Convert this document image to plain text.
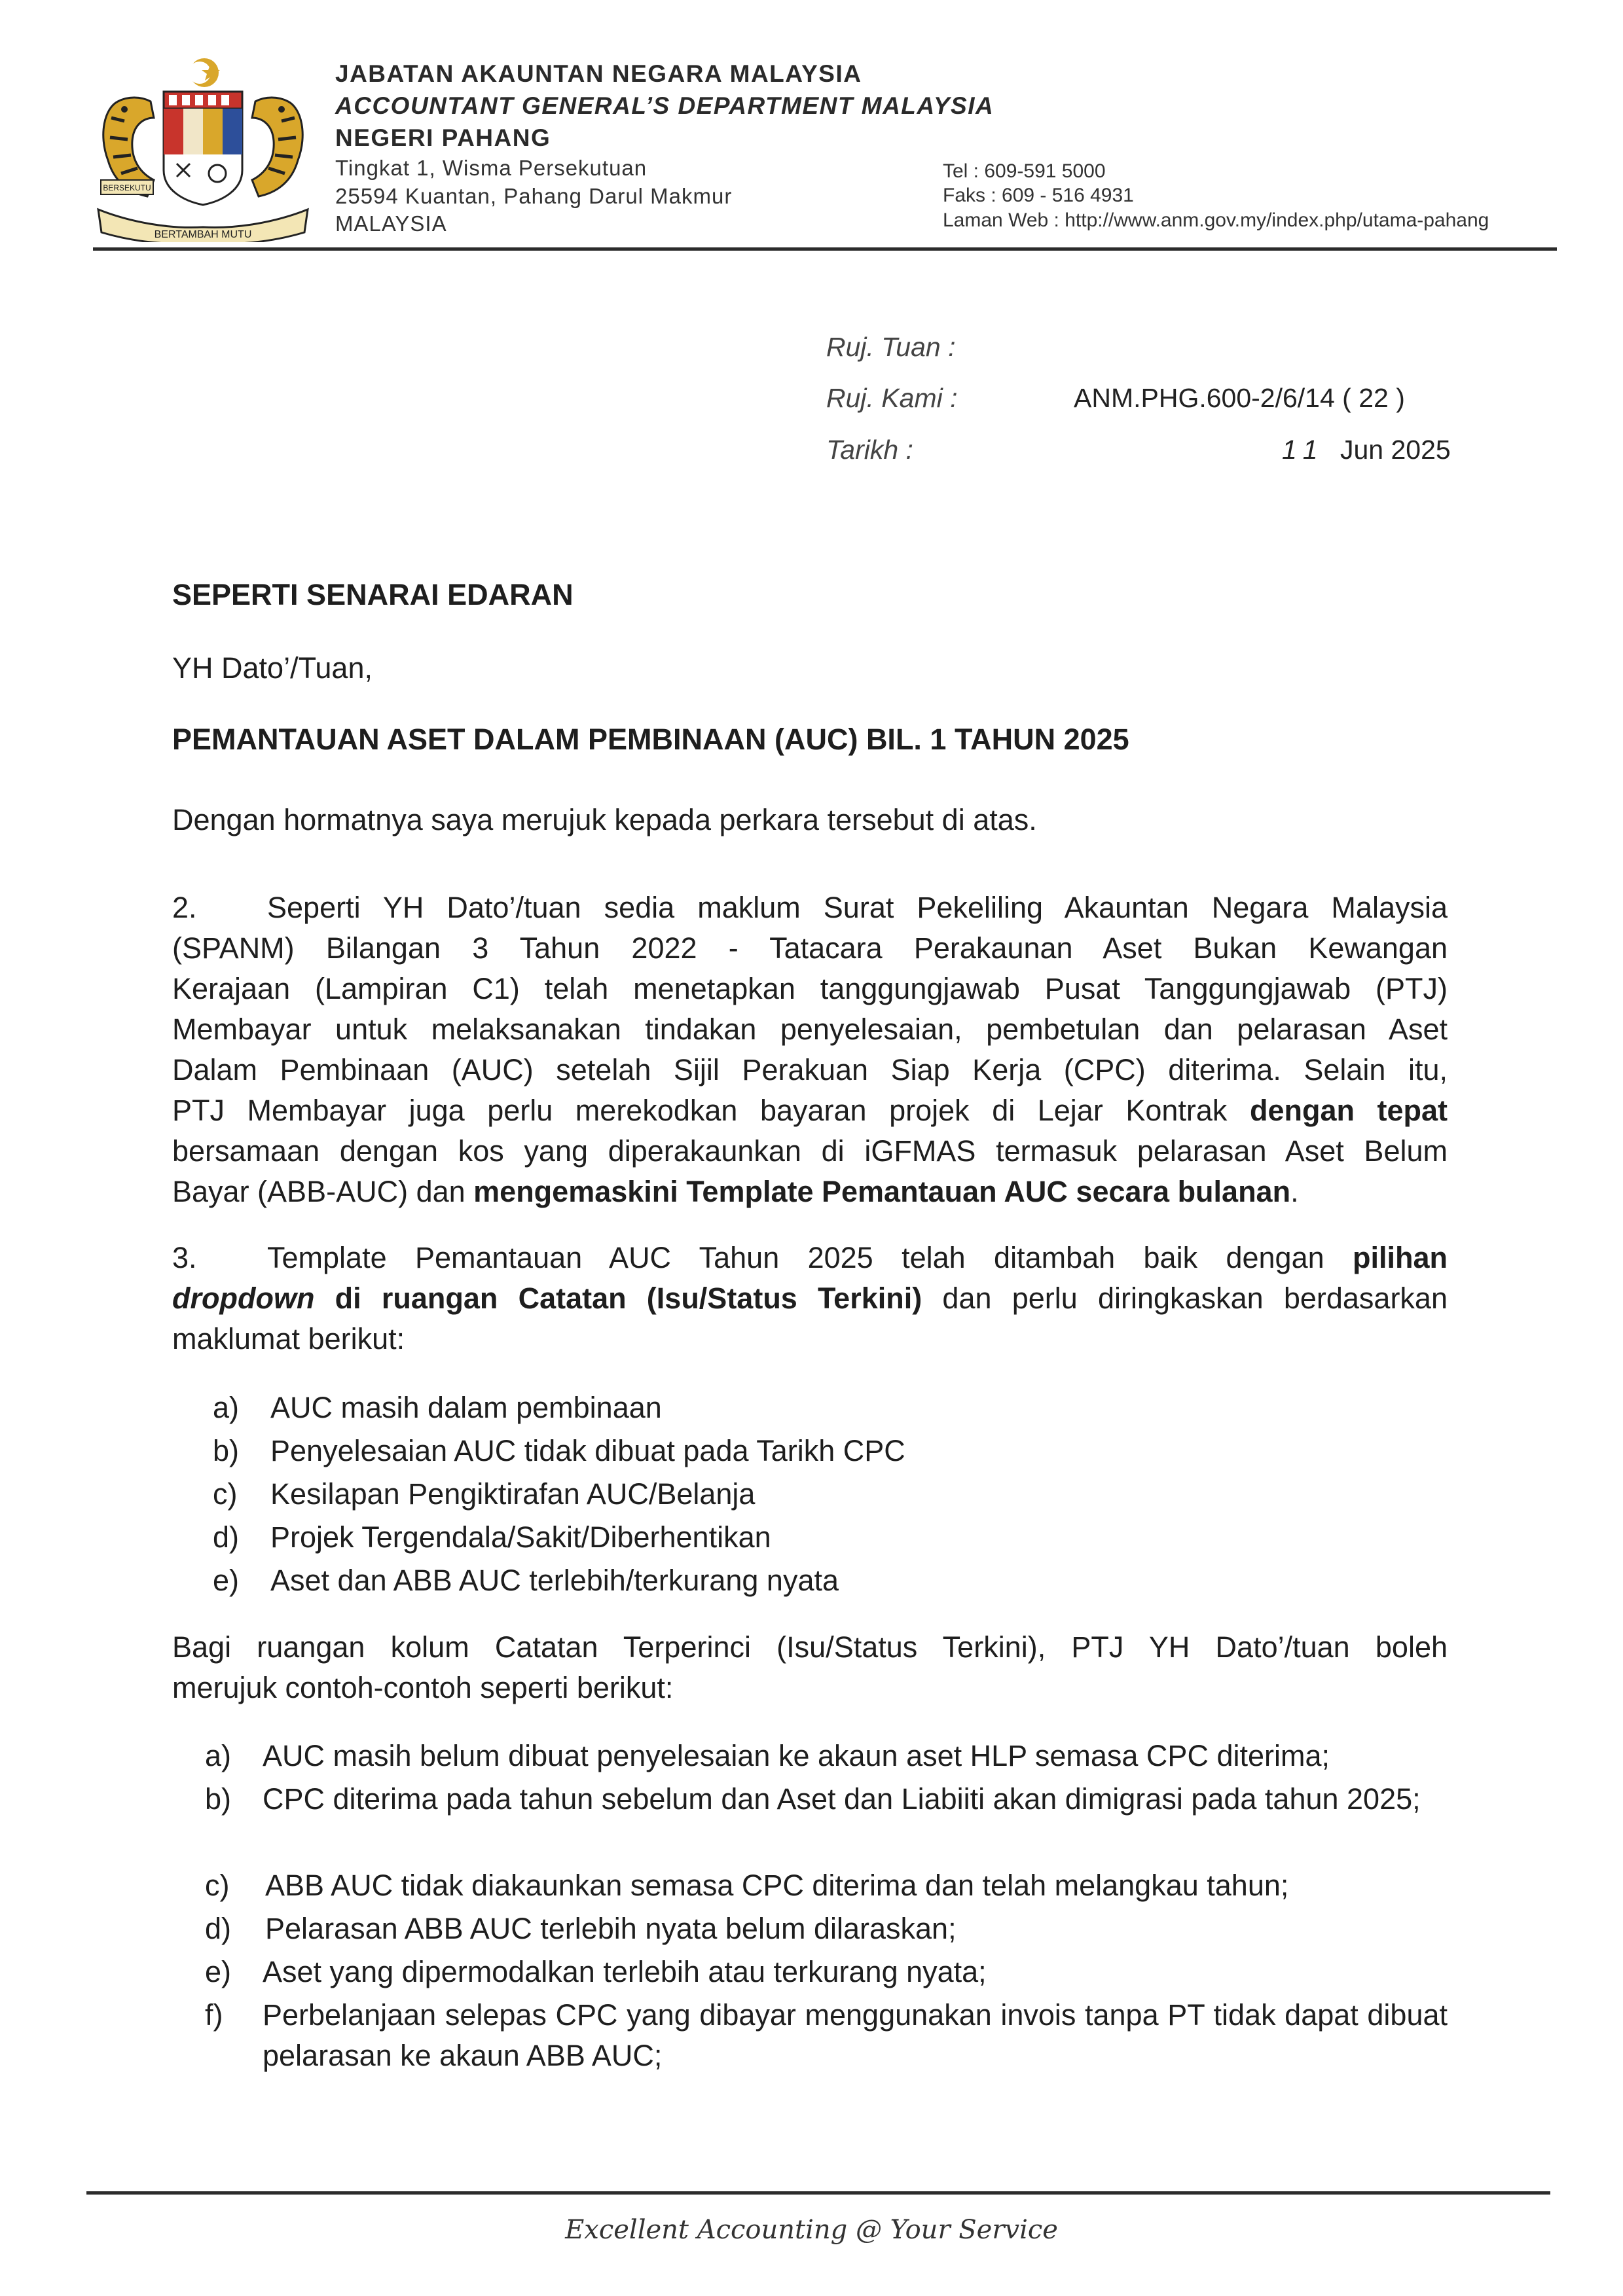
BERTAMBAH MUTU
BERSEKUTU
JABATAN AKAUNTAN NEGARA MALAYSIA
ACCOUNTANT GENERAL’S DEPARTMENT MALAYSIA
NEGERI PAHANG
Tingkat 1, Wisma Persekutuan
25594 Kuantan, Pahang Darul Makmur
MALAYSIA
Tel : 609-591 5000
Faks : 609 - 516 4931
Laman Web : http://www.anm.gov.my/index.php/utama-pahang
Ruj. Tuan :
Ruj. Kami :	ANM.PHG.600-2/6/14 ( 22 )
Tarikh :	11 Jun 2025
SEPERTI SENARAI EDARAN
YH Dato’/Tuan,
PEMANTAUAN ASET DALAM PEMBINAAN (AUC) BIL. 1 TAHUN 2025
Dengan hormatnya saya merujuk kepada perkara tersebut di atas.
2. Seperti YH Dato’/tuan sedia maklum Surat Pekeliling Akauntan Negara Malaysia
(SPANM) Bilangan 3 Tahun 2022 - Tatacara Perakaunan Aset Bukan Kewangan
Kerajaan (Lampiran C1) telah menetapkan tanggungjawab Pusat Tanggungjawab (PTJ)
Membayar untuk melaksanakan tindakan penyelesaian, pembetulan dan pelarasan Aset
Dalam Pembinaan (AUC) setelah Sijil Perakuan Siap Kerja (CPC) diterima. Selain itu,
PTJ Membayar juga perlu merekodkan bayaran projek di Lejar Kontrak dengan tepat
bersamaan dengan kos yang diperakaunkan di iGFMAS termasuk pelarasan Aset Belum
Bayar (ABB-AUC) dan mengemaskini Template Pemantauan AUC secara bulanan.
3. Template Pemantauan AUC Tahun 2025 telah ditambah baik dengan pilihan
dropdown di ruangan Catatan (Isu/Status Terkini) dan perlu diringkaskan berdasarkan
maklumat berikut:
a) AUC masih dalam pembinaan
b) Penyelesaian AUC tidak dibuat pada Tarikh CPC
c) Kesilapan Pengiktirafan AUC/Belanja
d) Projek Tergendala/Sakit/Diberhentikan
e) Aset dan ABB AUC terlebih/terkurang nyata
Bagi ruangan kolum Catatan Terperinci (Isu/Status Terkini), PTJ YH Dato’/tuan boleh
merujuk contoh-contoh seperti berikut:
a) AUC masih belum dibuat penyelesaian ke akaun aset HLP semasa CPC diterima;
b) CPC diterima pada tahun sebelum dan Aset dan Liabiiti akan dimigrasi pada tahun 2025;
c) ABB AUC tidak diakaunkan semasa CPC diterima dan telah melangkau tahun;
d) Pelarasan ABB AUC terlebih nyata belum dilaraskan;
e) Aset yang dipermodalkan terlebih atau terkurang nyata;
f) Perbelanjaan selepas CPC yang dibayar menggunakan invois tanpa PT tidak dapat dibuat pelarasan ke akaun ABB AUC;
Excellent Accounting @ Your Service
